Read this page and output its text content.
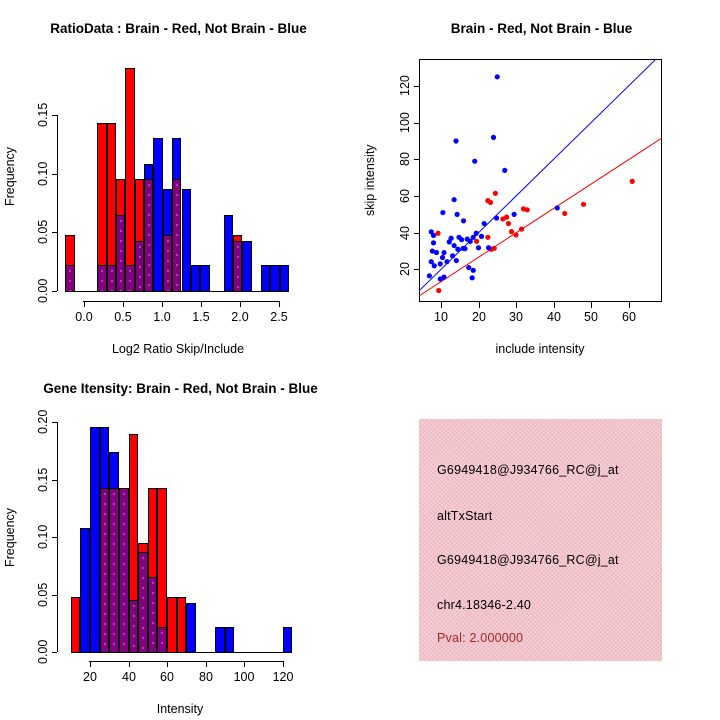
RatioData : Brain - Red, Not Brain - Blue
Frequency
Log2 Ratio Skip/Include
0.00
0.05
0.10
0.15
0.0	0.5	1.0	1.5	2.0	2.5
Brain - Red, Not Brain - Blue
skip intensity
include intensity
10	20	30	40	50	60
20
40
60
80
100
120
Gene Itensity: Brain - Red, Not Brain - Blue
Frequency
Intensity
0.00
0.05
0.10
0.15
0.20
20	40	60	80	100	120
G6949418@J934766_RC@j_at
altTxStart
G6949418@J934766_RC@j_at
chr4.18346-2.40
Pval: 2.000000
